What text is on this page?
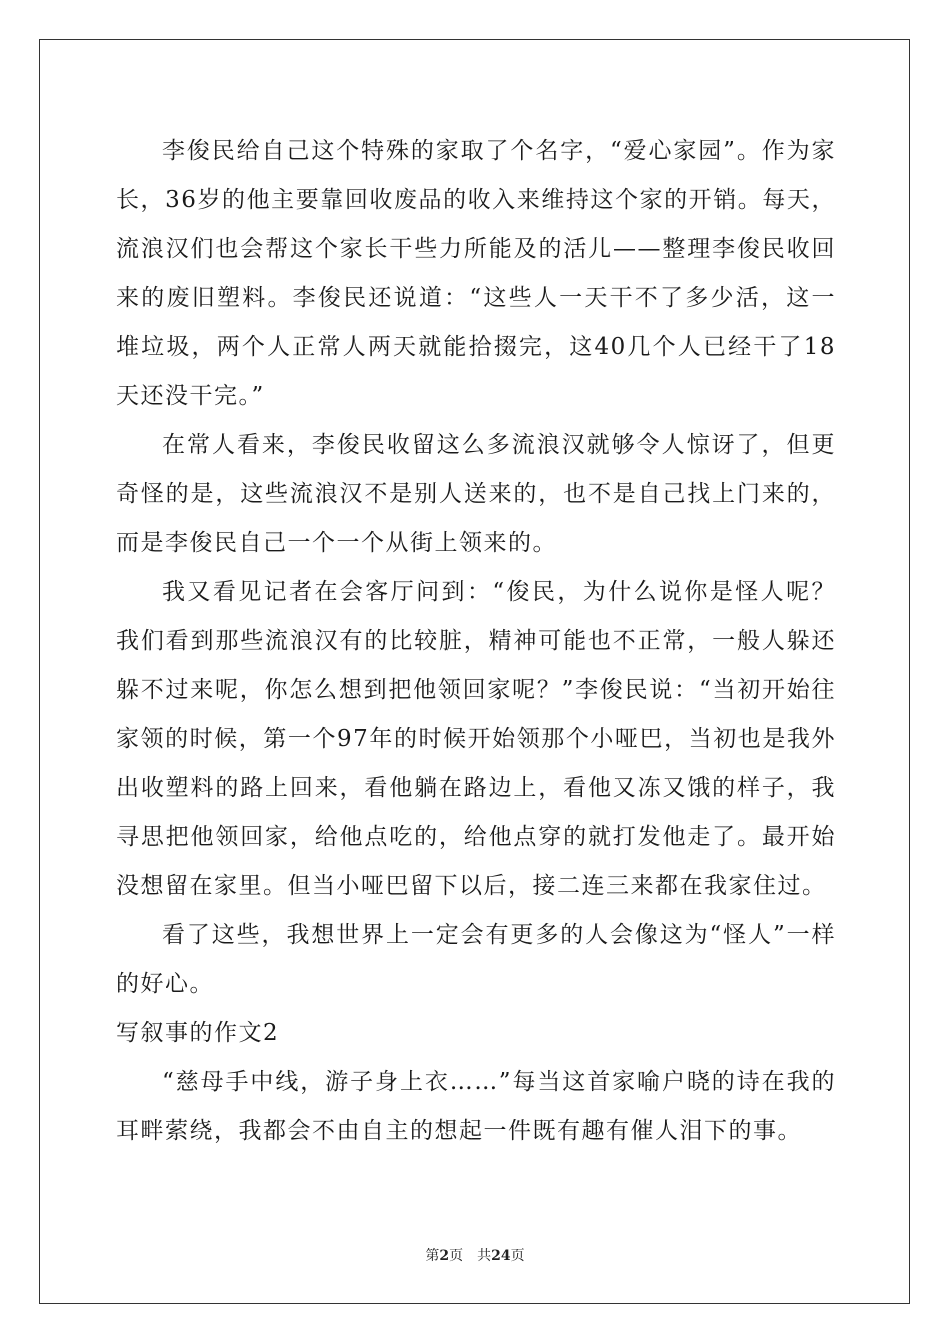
李俊民给自己这个特殊的家取了个名字，“爱心家园”。作为家长，36岁的他主要靠回收废品的收入来维持这个家的开销。每天，流浪汉们也会帮这个家长干些力所能及的活儿——整理李俊民收回来的废旧塑料。李俊民还说道：“这些人一天干不了多少活，这一堆垃圾，两个人正常人两天就能拾掇完，这40几个人已经干了18天还没干完。”

在常人看来，李俊民收留这么多流浪汉就够令人惊讶了，但更奇怪的是，这些流浪汉不是别人送来的，也不是自己找上门来的，而是李俊民自己一个一个从街上领来的。

我又看见记者在会客厅问到：“俊民，为什么说你是怪人呢？我们看到那些流浪汉有的比较脏，精神可能也不正常，一般人躲还躲不过来呢，你怎么想到把他领回家呢？”李俊民说：“当初开始往家领的时候，第一个97年的时候开始领那个小哑巴，当初也是我外出收塑料的路上回来，看他躺在路边上，看他又冻又饿的样子，我寻思把他领回家，给他点吃的，给他点穿的就打发他走了。最开始没想留在家里。但当小哑巴留下以后，接二连三来都在我家住过。

看了这些，我想世界上一定会有更多的人会像这为“怪人”一样的好心。

写叙事的作文2

“慈母手中线，游子身上衣……”每当这首家喻户晓的诗在我的耳畔萦绕，我都会不由自主的想起一件既有趣有催人泪下的事。

第2页 共24页
